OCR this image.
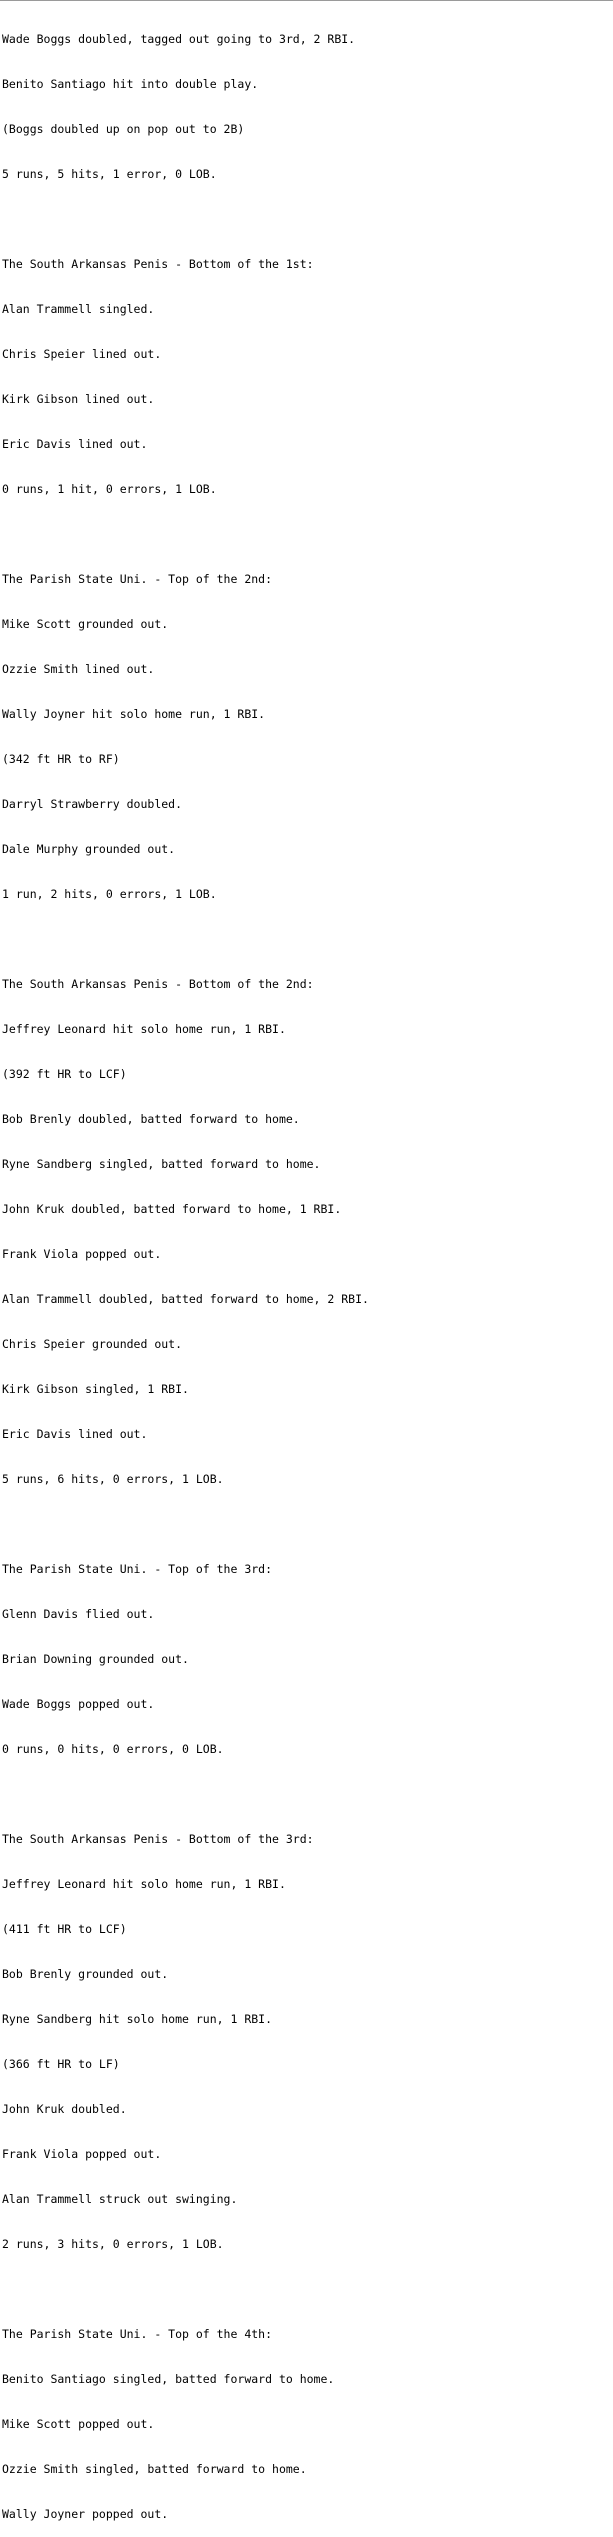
Wade Boggs doubled, tagged out going to 3rd, 2 RBI.

Benito Santiago hit into double play.

(Boggs doubled up on pop out to 2B)

5 runs, 5 hits, 1 error, 0 LOB.

The South Arkansas Penis - Bottom of the 1st:

Alan Trammell singled.

Chris Speier lined out.

Kirk Gibson lined out.

Eric Davis lined out.

0 runs, 1 hit, 0 errors, 1 LOB.

The Parish State Uni. - Top of the 2nd:

Mike Scott grounded out.

Ozzie Smith lined out.

Wally Joyner hit solo home run, 1 RBI.

(342 ft HR to RF)

Darryl Strawberry doubled.

Dale Murphy grounded out.

1 run, 2 hits, 0 errors, 1 LOB.

The South Arkansas Penis - Bottom of the 2nd:

Jeffrey Leonard hit solo home run, 1 RBI.

(392 ft HR to LCF)

Bob Brenly doubled, batted forward to home.

Ryne Sandberg singled, batted forward to home.

John Kruk doubled, batted forward to home, 1 RBI.

Frank Viola popped out.

Alan Trammell doubled, batted forward to home, 2 RBI.

Chris Speier grounded out.

Kirk Gibson singled, 1 RBI.

Eric Davis lined out.

5 runs, 6 hits, 0 errors, 1 LOB.

The Parish State Uni. - Top of the 3rd:

Glenn Davis flied out.

Brian Downing grounded out.

Wade Boggs popped out.

0 runs, 0 hits, 0 errors, 0 LOB.

The South Arkansas Penis - Bottom of the 3rd:

Jeffrey Leonard hit solo home run, 1 RBI.

(411 ft HR to LCF)

Bob Brenly grounded out.

Ryne Sandberg hit solo home run, 1 RBI.

(366 ft HR to LF)

John Kruk doubled.

Frank Viola popped out.

Alan Trammell struck out swinging.

2 runs, 3 hits, 0 errors, 1 LOB.

The Parish State Uni. - Top of the 4th:

Benito Santiago singled, batted forward to home.

Mike Scott popped out.

Ozzie Smith singled, batted forward to home.

Wally Joyner popped out.
